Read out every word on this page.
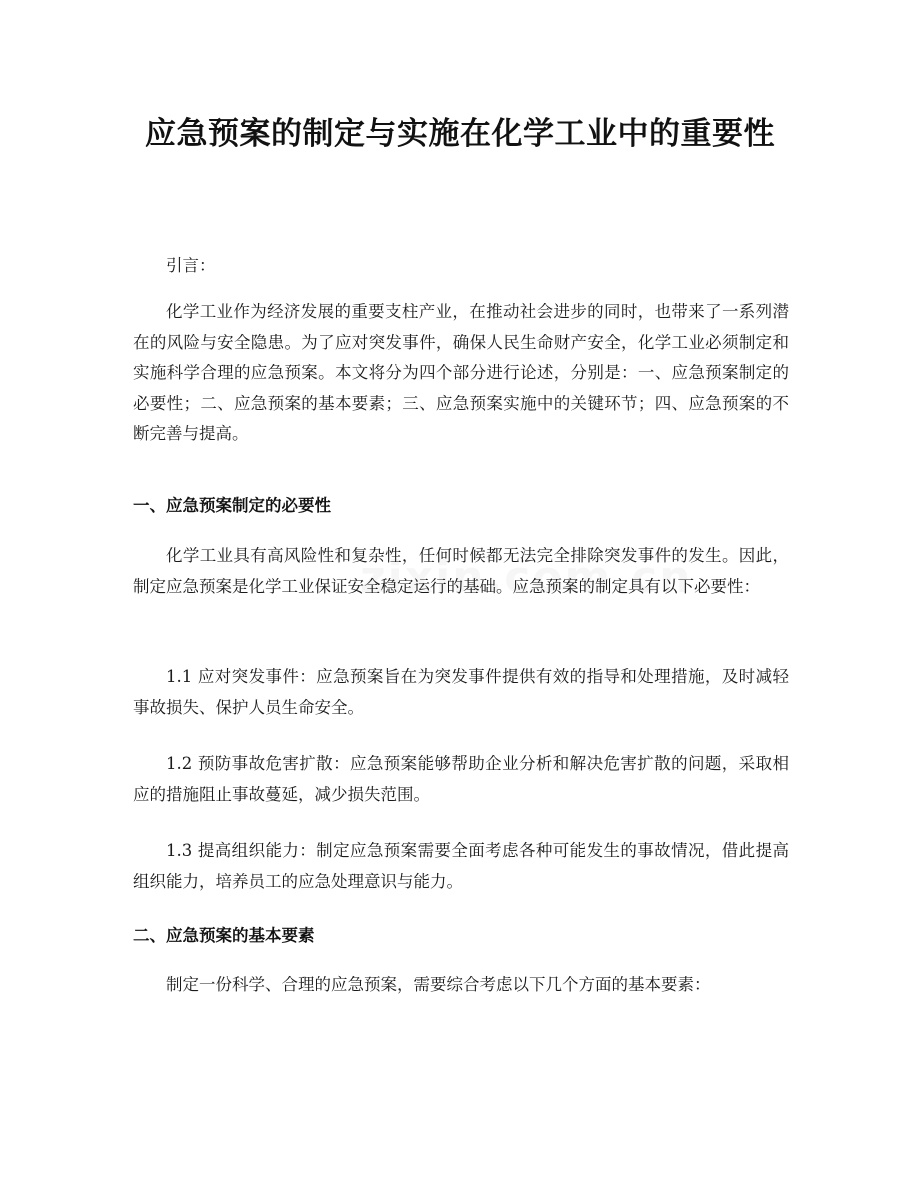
应急预案的制定与实施在化学工业中的重要性

引言：

化学工业作为经济发展的重要支柱产业，在推动社会进步的同时，也带来了一系列潜在的风险与安全隐患。为了应对突发事件，确保人民生命财产安全，化学工业必须制定和实施科学合理的应急预案。本文将分为四个部分进行论述，分别是：一、应急预案制定的必要性；二、应急预案的基本要素；三、应急预案实施中的关键环节；四、应急预案的不断完善与提高。

一、应急预案制定的必要性

化学工业具有高风险性和复杂性，任何时候都无法完全排除突发事件的发生。因此，制定应急预案是化学工业保证安全稳定运行的基础。应急预案的制定具有以下必要性：

1.1 应对突发事件：应急预案旨在为突发事件提供有效的指导和处理措施，及时减轻事故损失、保护人员生命安全。

1.2 预防事故危害扩散：应急预案能够帮助企业分析和解决危害扩散的问题，采取相应的措施阻止事故蔓延，减少损失范围。

1.3 提高组织能力：制定应急预案需要全面考虑各种可能发生的事故情况，借此提高组织能力，培养员工的应急处理意识与能力。

二、应急预案的基本要素

制定一份科学、合理的应急预案，需要综合考虑以下几个方面的基本要素：
